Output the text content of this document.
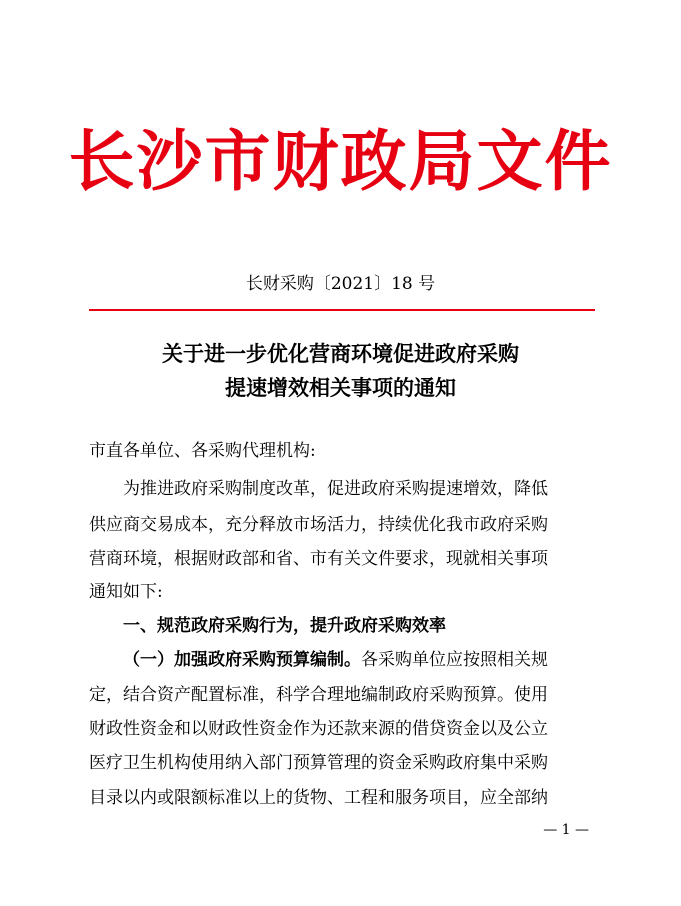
长沙市财政局文件
长财采购〔2021〕18 号
关于进一步优化营商环境促进政府采购
提速增效相关事项的通知
市直各单位、各采购代理机构:
为推进政府采购制度改革，促进政府采购提速增效，降低
供应商交易成本，充分释放市场活力，持续优化我市政府采购
营商环境，根据财政部和省、市有关文件要求，现就相关事项
通知如下:
一、规范政府采购行为，提升政府采购效率
（一）加强政府采购预算编制。各采购单位应按照相关规
定，结合资产配置标准，科学合理地编制政府采购预算。使用
财政性资金和以财政性资金作为还款来源的借贷资金以及公立
医疗卫生机构使用纳入部门预算管理的资金采购政府集中采购
目录以内或限额标准以上的货物、工程和服务项目，应全部纳
— 1 —
